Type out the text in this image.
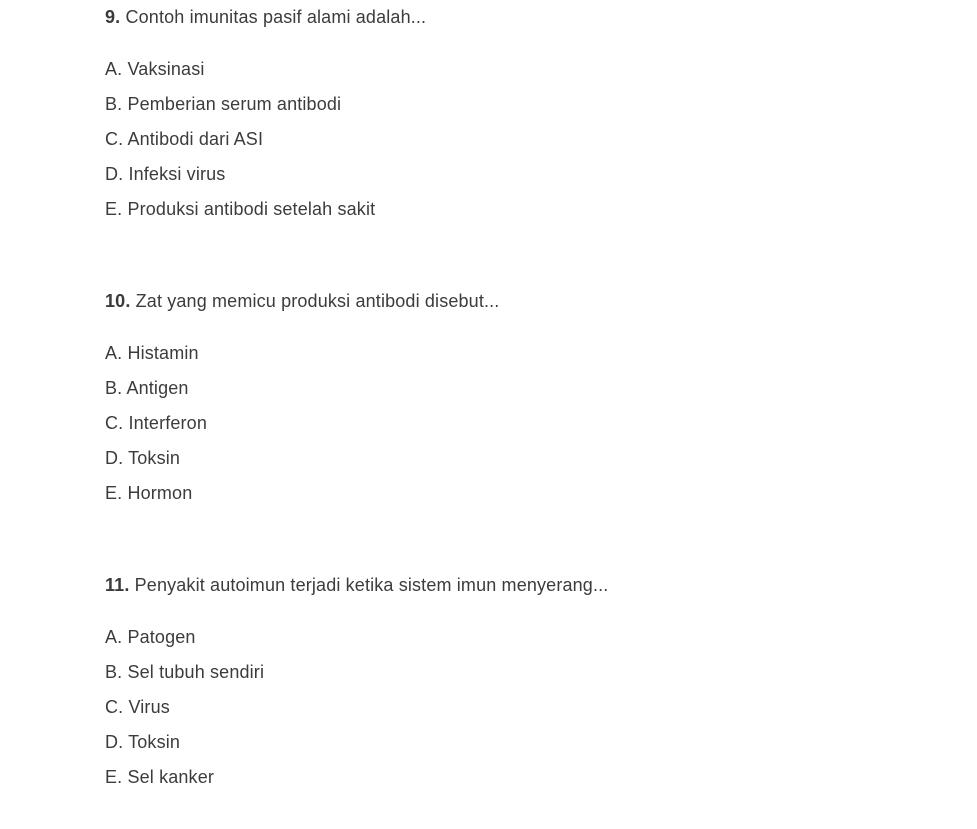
9. Contoh imunitas pasif alami adalah...

A. Vaksinasi
B. Pemberian serum antibodi
C. Antibodi dari ASI
D. Infeksi virus
E. Produksi antibodi setelah sakit

10. Zat yang memicu produksi antibodi disebut...

A. Histamin
B. Antigen
C. Interferon
D. Toksin
E. Hormon

11. Penyakit autoimun terjadi ketika sistem imun menyerang...

A. Patogen
B. Sel tubuh sendiri
C. Virus
D. Toksin
E. Sel kanker
